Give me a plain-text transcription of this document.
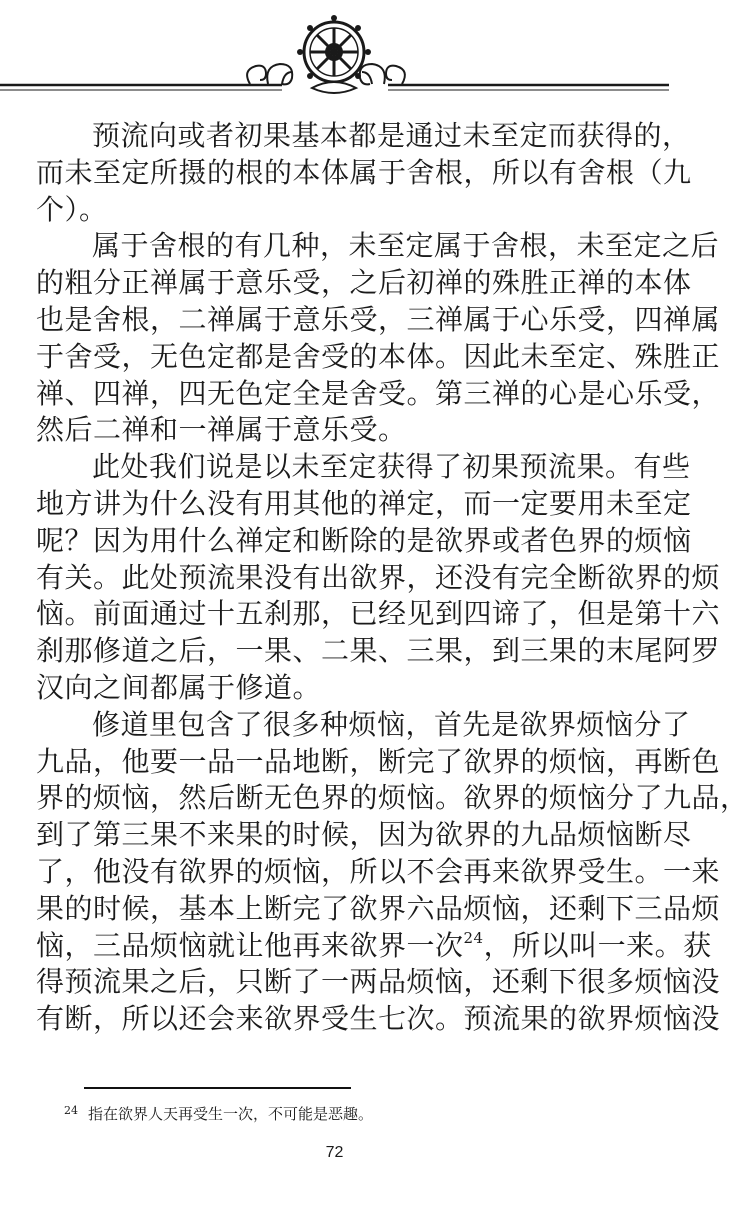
预流向或者初果基本都是通过未至定而获得的，
而未至定所摄的根的本体属于舍根，所以有舍根（九
个）。
属于舍根的有几种，未至定属于舍根，未至定之后
的粗分正禅属于意乐受，之后初禅的殊胜正禅的本体
也是舍根，二禅属于意乐受，三禅属于心乐受，四禅属
于舍受，无色定都是舍受的本体。因此未至定、殊胜正
禅、四禅，四无色定全是舍受。第三禅的心是心乐受，
然后二禅和一禅属于意乐受。
此处我们说是以未至定获得了初果预流果。有些
地方讲为什么没有用其他的禅定，而一定要用未至定
呢？因为用什么禅定和断除的是欲界或者色界的烦恼
有关。此处预流果没有出欲界，还没有完全断欲界的烦
恼。前面通过十五刹那，已经见到四谛了，但是第十六
刹那修道之后，一果、二果、三果，到三果的末尾阿罗
汉向之间都属于修道。
修道里包含了很多种烦恼，首先是欲界烦恼分了
九品，他要一品一品地断，断完了欲界的烦恼，再断色
界的烦恼，然后断无色界的烦恼。欲界的烦恼分了九品，
到了第三果不来果的时候，因为欲界的九品烦恼断尽
了，他没有欲界的烦恼，所以不会再来欲界受生。一来
果的时候，基本上断完了欲界六品烦恼，还剩下三品烦
恼，三品烦恼就让他再来欲界一次$^{24}$，所以叫一来。获
得预流果之后，只断了一两品烦恼，还剩下很多烦恼没
有断，所以还会来欲界受生七次。预流果的欲界烦恼没
$^{24}$ 指在欲界人天再受生一次，不可能是恶趣。
72
